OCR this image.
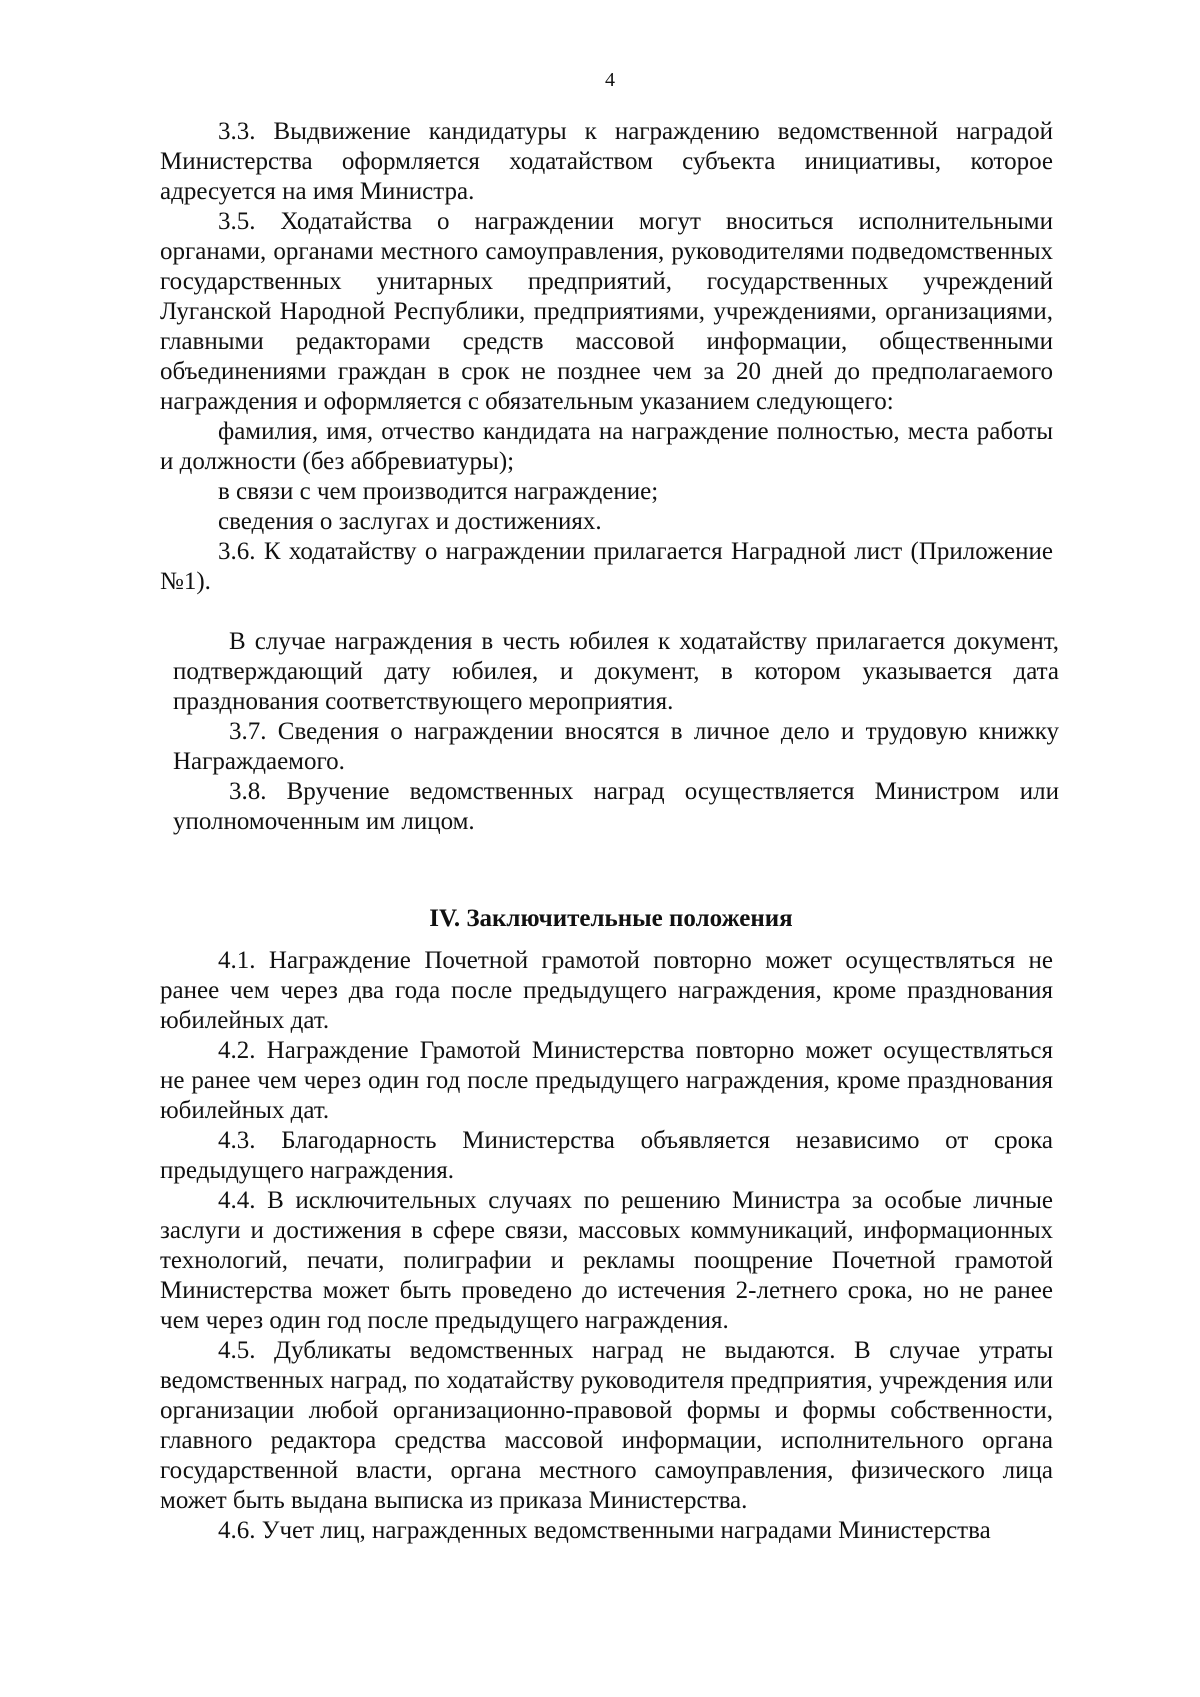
4

3.3. Выдвижение кандидатуры к награждению ведомственной наградой Министерства оформляется ходатайством субъекта инициативы, которое адресуется на имя Министра.

3.5. Ходатайства о награждении могут вноситься исполнительными органами, органами местного самоуправления, руководителями подведомственных государственных унитарных предприятий, государственных учреждений Луганской Народной Республики, предприятиями, учреждениями, организациями, главными редакторами средств массовой информации, общественными объединениями граждан в срок не позднее чем за 20 дней до предполагаемого награждения и оформляется с обязательным указанием следующего:

фамилия, имя, отчество кандидата на награждение полностью, места работы и должности (без аббревиатуры);

в связи с чем производится награждение;

сведения о заслугах и достижениях.

3.6. К ходатайству о награждении прилагается Наградной лист (Приложение №1).

В случае награждения в честь юбилея к ходатайству прилагается документ, подтверждающий дату юбилея, и документ, в котором указывается дата празднования соответствующего мероприятия.

3.7. Сведения о награждении вносятся в личное дело и трудовую книжку Награждаемого.

3.8. Вручение ведомственных наград осуществляется Министром или уполномоченным им лицом.

IV. Заключительные положения

4.1. Награждение Почетной грамотой повторно может осуществляться не ранее чем через два года после предыдущего награждения, кроме празднования юбилейных дат.

4.2. Награждение Грамотой Министерства повторно может осуществляться не ранее чем через один год после предыдущего награждения, кроме празднования юбилейных дат.

4.3. Благодарность Министерства объявляется независимо от срока предыдущего награждения.

4.4. В исключительных случаях по решению Министра за особые личные заслуги и достижения в сфере связи, массовых коммуникаций, информационных технологий, печати, полиграфии и рекламы поощрение Почетной грамотой Министерства может быть проведено до истечения 2-летнего срока, но не ранее чем через один год после предыдущего награждения.

4.5. Дубликаты ведомственных наград не выдаются. В случае утраты ведомственных наград, по ходатайству руководителя предприятия, учреждения или организации любой организационно-правовой формы и формы собственности, главного редактора средства массовой информации, исполнительного органа государственной власти, органа местного самоуправления, физического лица может быть выдана выписка из приказа Министерства.

4.6. Учет лиц, награжденных ведомственными наградами Министерства
